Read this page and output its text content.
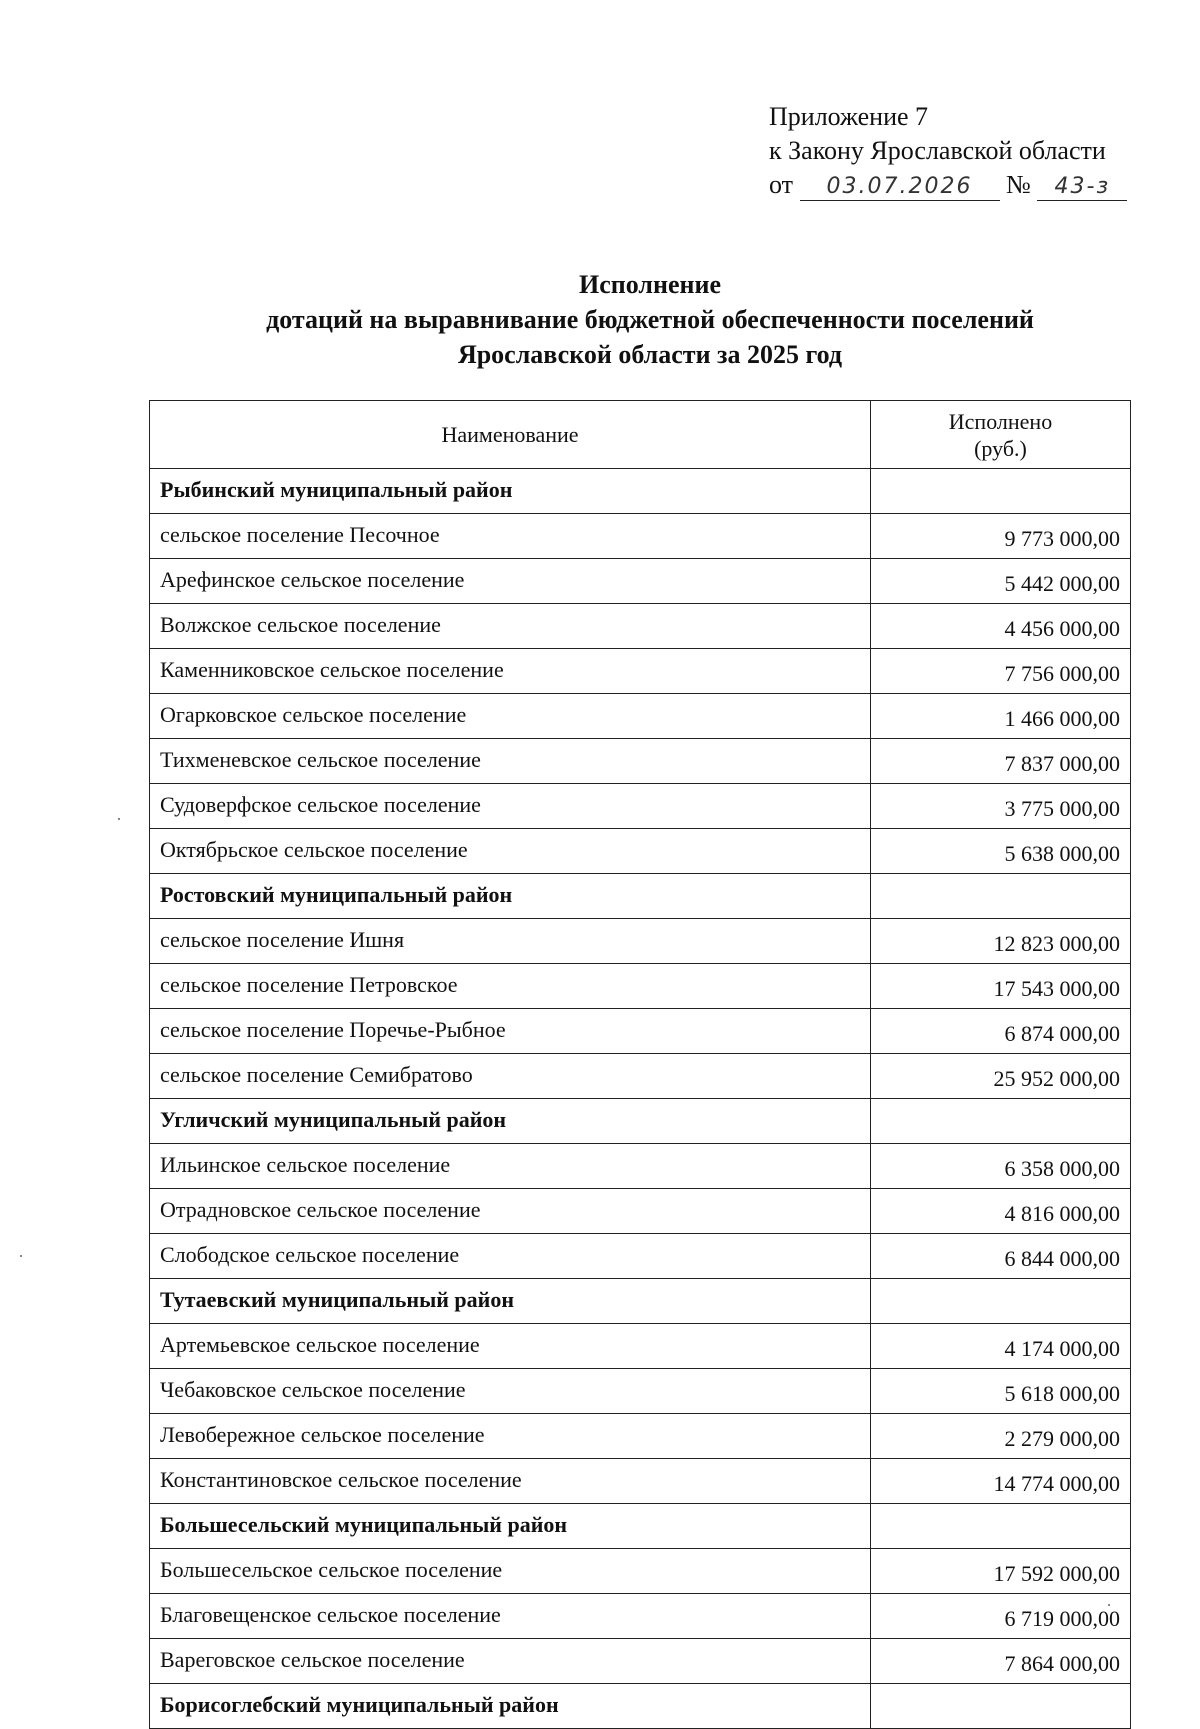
Приложение 7
к Закону Ярославской области
от 03.07.2026 № 43-з
Исполнение
дотаций на выравнивание бюджетной обеспеченности поселений
Ярославской области за 2025 год
Наименование	Исполнено
(руб.)

Рыбинский муниципальный район	
сельское поселение Песочное	9 773 000,00
Арефинское сельское поселение	5 442 000,00
Волжское сельское поселение	4 456 000,00
Каменниковское сельское поселение	7 756 000,00
Огарковское сельское поселение	1 466 000,00
Тихменевское сельское поселение	7 837 000,00
Судоверфское сельское поселение	3 775 000,00
Октябрьское сельское поселение	5 638 000,00
Ростовский муниципальный район	
сельское поселение Ишня	12 823 000,00
сельское поселение Петровское	17 543 000,00
сельское поселение Поречье-Рыбное	6 874 000,00
сельское поселение Семибратово	25 952 000,00
Угличский муниципальный район	
Ильинское сельское поселение	6 358 000,00
Отрадновское сельское поселение	4 816 000,00
Слободское сельское поселение	6 844 000,00
Тутаевский муниципальный район	
Артемьевское сельское поселение	4 174 000,00
Чебаковское сельское поселение	5 618 000,00
Левобережное сельское поселение	2 279 000,00
Константиновское сельское поселение	14 774 000,00
Большесельский муниципальный район	
Большесельское сельское поселение	17 592 000,00
Благовещенское сельское поселение	6 719 000,00
Вареговское сельское поселение	7 864 000,00
Борисоглебский муниципальный район	
